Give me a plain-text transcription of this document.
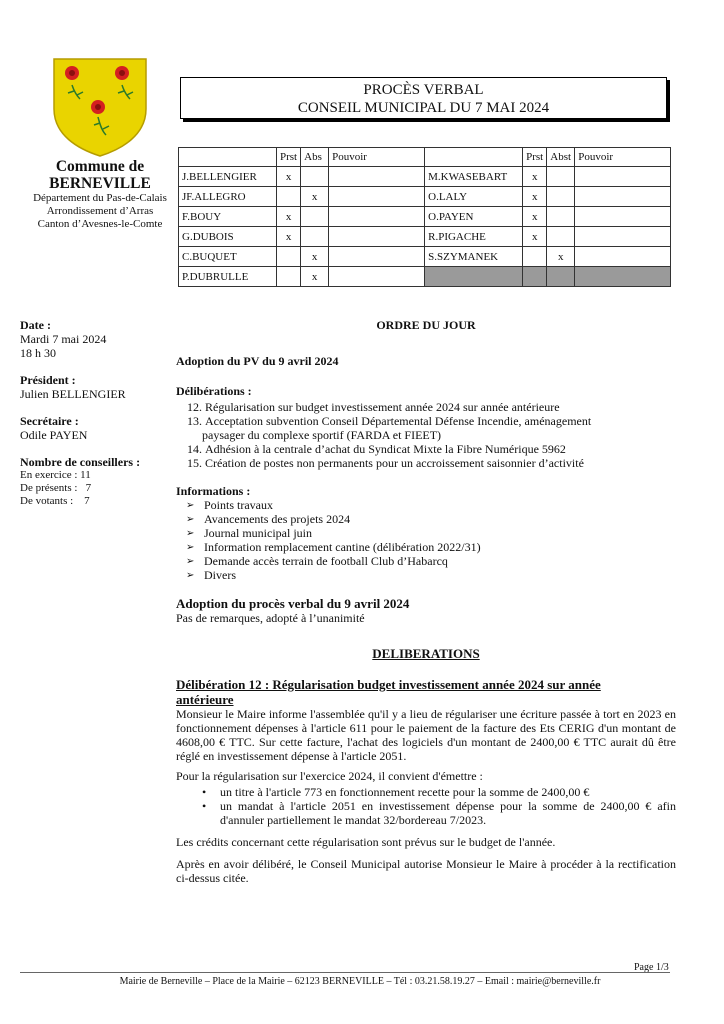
PROCÈS VERBAL
CONSEIL MUNICIPAL DU 7 MAI 2024
Commune de
BERNEVILLE
Département du Pas-de-Calais
Arrondissement d’Arras
Canton d’Avesnes-le-Comte
	Prst	Abs	Pouvoir		Prst	Abst	Pouvoir
J.BELLENGIER	x			M.KWASEBART	x		
JF.ALLEGRO		x		O.LALY	x		
F.BOUY	x			O.PAYEN	x		
G.DUBOIS	x			R.PIGACHE	x		
C.BUQUET		x		S.SZYMANEK		x	
P.DUBRULLE		x					
Date :
Mardi 7 mai 2024
18 h 30
Président :
Julien BELLENGIER
Secrétaire :
Odile PAYEN
Nombre de conseillers :
En exercice : 11
De présents :   7
De votants :    7
ORDRE DU JOUR
Adoption du PV du 9 avril 2024
Délibérations :
12. Régularisation sur budget investissement année 2024 sur année antérieure
13. Acceptation subvention Conseil Départemental Défense Incendie, aménagement
paysager du complexe sportif (FARDA et FIEET)
14. Adhésion à la centrale d’achat du Syndicat Mixte la Fibre Numérique 5962
15. Création de postes non permanents pour un accroissement saisonnier d’activité
Informations :
➢ Points travaux
➢ Avancements des projets 2024
➢ Journal municipal juin
➢ Information remplacement cantine (délibération 2022/31)
➢ Demande accès terrain de football Club d’Habarcq
➢ Divers
Adoption du procès verbal du 9 avril 2024
Pas de remarques, adopté à l’unanimité
DELIBERATIONS
Délibération 12 : Régularisation budget investissement année 2024 sur année antérieure
Monsieur le Maire informe l'assemblée qu'il y a lieu de régulariser une écriture passée à tort en 2023 en fonctionnement dépenses à l'article 611 pour le paiement de la facture des Ets CERIG d'un montant de 4608,00 € TTC. Sur cette facture, l'achat des logiciels d'un montant de 2400,00 € TTC aurait dû être réglé en investissement dépense à l'article 2051.
Pour la régularisation sur l'exercice 2024, il convient d'émettre :
• un titre à l'article 773 en fonctionnement recette pour la somme de 2400,00 €
• un mandat à l'article 2051 en investissement dépense pour la somme de 2400,00 € afin d'annuler partiellement le mandat 32/bordereau 7/2023.
Les crédits concernant cette régularisation sont prévus sur le budget de l'année.
Après en avoir délibéré, le Conseil Municipal autorise Monsieur le Maire à procéder à la rectification ci-dessus citée.
Page 1/3
Mairie de Berneville – Place de la Mairie – 62123 BERNEVILLE – Tél : 03.21.58.19.27 – Email : mairie@berneville.fr
